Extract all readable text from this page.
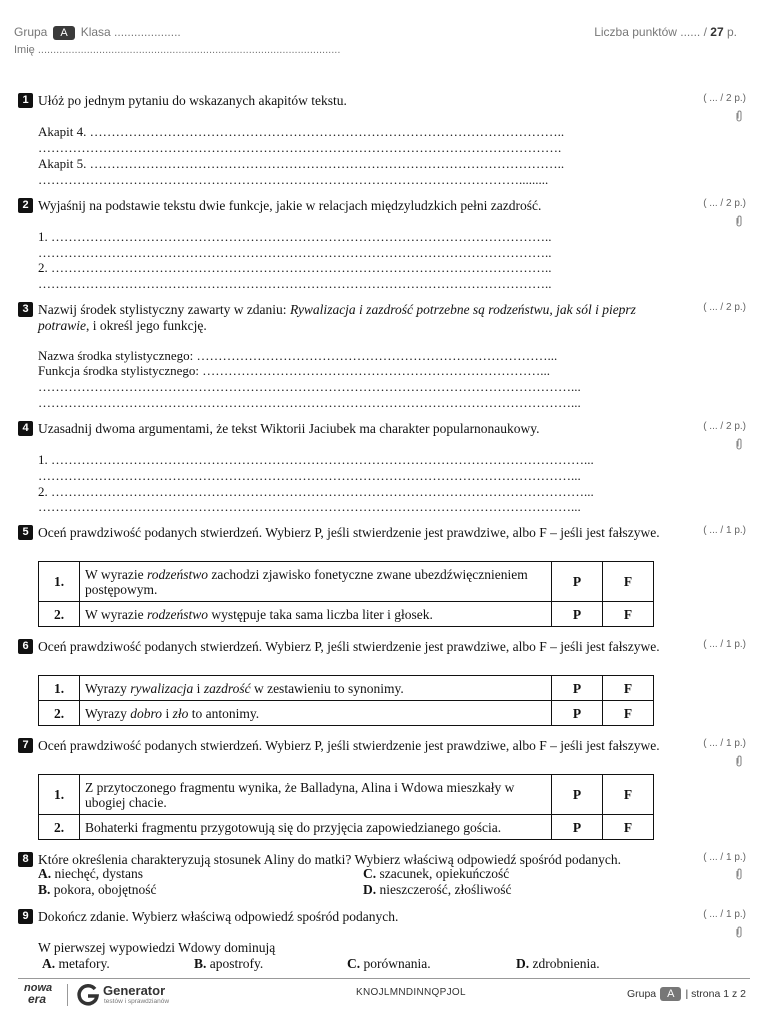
Grupa A Klasa ....................
Imię ...................................................................................................
Liczba punktów ...... / 27 p.
1 Ułóż po jednym pytaniu do wskazanych akapitów tekstu.	( ... / 2 p.)
Akapit 4. ………………………………………………………………………………………………..
………………………………………………………………………………………………………….
Akapit 5. ………………………………………………………………………………………………..
………………………………………………………………………………………………….........
2 Wyjaśnij na podstawie tekstu dwie funkcje, jakie w relacjach międzyludzkich pełni zazdrość.	( ... / 2 p.)
1. ……………………………………………………………………………………………………..
………………………………………………………………………………………………………..
2. ……………………………………………………………………………………………………..
………………………………………………………………………………………………………..
3 Nazwij środek stylistyczny zawarty w zdaniu: Rywalizacja i zazdrość potrzebne są rodzeństwu, jak sól i pieprz potrawie, i określ jego funkcję.
( ... / 2 p.)
Nazwa środka stylistycznego: ………………………………………………………………………...
Funkcja środka stylistycznego: ……………………………………………………………………...
……………………………………………………………………………………………………………...
……………………………………………………………………………………………………………...
4 Uzasadnij dwoma argumentami, że tekst Wiktorii Jaciubek ma charakter popularnonaukowy.	( ... / 2 p.)
1. ……………………………………………………………………………………………………………...
……………………………………………………………………………………………………………...
2. ……………………………………………………………………………………………………………...
……………………………………………………………………………………………………………...
5 Oceń prawdziwość podanych stwierdzeń. Wybierz P, jeśli stwierdzenie jest prawdziwe, albo F – jeśli jest fałszywe.	( ... / 1 p.)
1.	W wyrazie rodzeństwo zachodzi zjawisko fonetyczne zwane ubezdźwięcznieniem postępowym.	P	F
2.	W wyrazie rodzeństwo występuje taka sama liczba liter i głosek.	P	F
6 Oceń prawdziwość podanych stwierdzeń. Wybierz P, jeśli stwierdzenie jest prawdziwe, albo F – jeśli jest fałszywe.	( ... / 1 p.)
1.	Wyrazy rywalizacja i zazdrość w zestawieniu to synonimy.	P	F
2.	Wyrazy dobro i zło to antonimy.	P	F
7 Oceń prawdziwość podanych stwierdzeń. Wybierz P, jeśli stwierdzenie jest prawdziwe, albo F – jeśli jest fałszywe.	( ... / 1 p.)
1.	Z przytoczonego fragmentu wynika, że Balladyna, Alina i Wdowa mieszkały w ubogiej chacie.	P	F
2.	Bohaterki fragmentu przygotowują się do przyjęcia zapowiedzianego gościa.	P	F
8 Które określenia charakteryzują stosunek Aliny do matki? Wybierz właściwą odpowiedź spośród podanych.	( ... / 1 p.)
A. niechęć, dystans
B. pokora, obojętność
C. szacunek, opiekuńczość
D. nieszczerość, złośliwość
9 Dokończ zdanie. Wybierz właściwą odpowiedź spośród podanych.	( ... / 1 p.)
W pierwszej wypowiedzi Wdowy dominują
A. metafory.	B. apostrofy.	C. porównania.	D. zdrobnienia.
nowa
era
Generator
testów i sprawdzianów
KNOJLMNDINNQPJOL	Grupa A | strona 1 z 2
